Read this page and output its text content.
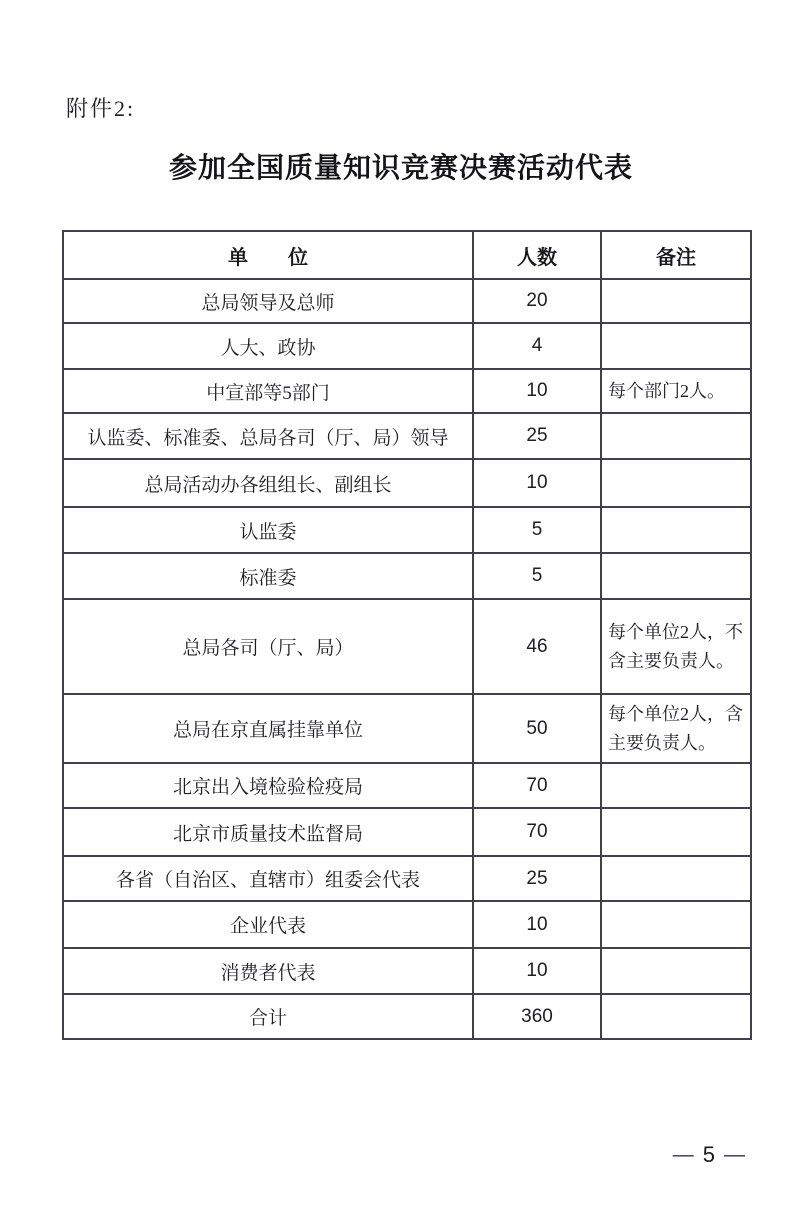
附件2:
参加全国质量知识竞赛决赛活动代表
单　　位	人数	备注
总局领导及总师	20	
人大、政协	4	
中宣部等5部门	10	每个部门2人。
认监委、标准委、总局各司（厅、局）领导	25	
总局活动办各组组长、副组长	10	
认监委	5	
标准委	5	
总局各司（厅、局）	46	每个单位2人，不含主要负责人。
总局在京直属挂靠单位	50	每个单位2人，含主要负责人。
北京出入境检验检疫局	70	
北京市质量技术监督局	70	
各省（自治区、直辖市）组委会代表	25	
企业代表	10	
消费者代表	10	
合计	360	
— 5 —
